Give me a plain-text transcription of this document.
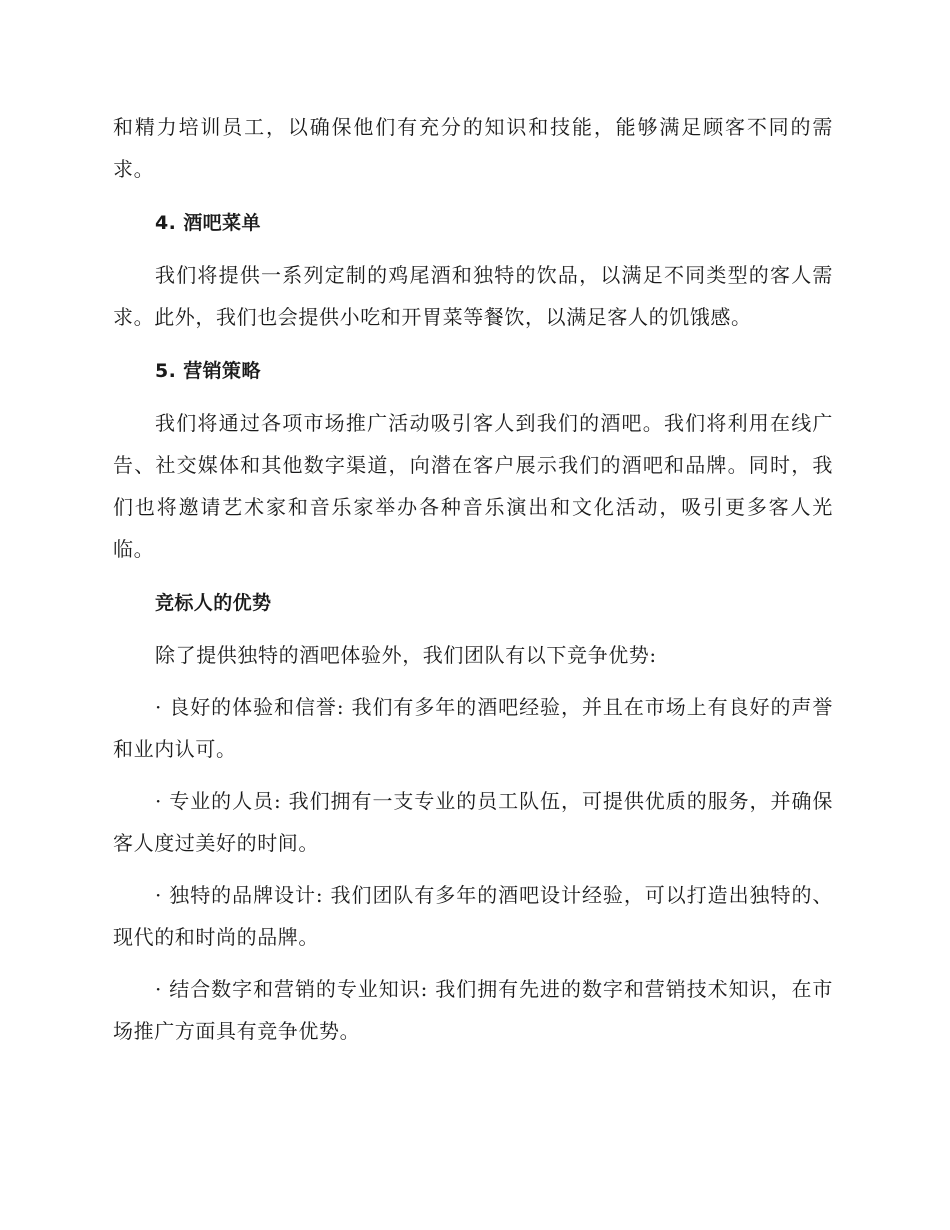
和精力培训员工，以确保他们有充分的知识和技能，能够满足顾客不同的需求。

4. 酒吧菜单

我们将提供一系列定制的鸡尾酒和独特的饮品，以满足不同类型的客人需求。此外，我们也会提供小吃和开胃菜等餐饮，以满足客人的饥饿感。

5. 营销策略

我们将通过各项市场推广活动吸引客人到我们的酒吧。我们将利用在线广告、社交媒体和其他数字渠道，向潜在客户展示我们的酒吧和品牌。同时，我们也将邀请艺术家和音乐家举办各种音乐演出和文化活动，吸引更多客人光临。

竞标人的优势

除了提供独特的酒吧体验外，我们团队有以下竞争优势:

· 良好的体验和信誉: 我们有多年的酒吧经验，并且在市场上有良好的声誉和业内认可。

· 专业的人员: 我们拥有一支专业的员工队伍，可提供优质的服务，并确保客人度过美好的时间。

· 独特的品牌设计: 我们团队有多年的酒吧设计经验，可以打造出独特的、现代的和时尚的品牌。

· 结合数字和营销的专业知识: 我们拥有先进的数字和营销技术知识，在市场推广方面具有竞争优势。
